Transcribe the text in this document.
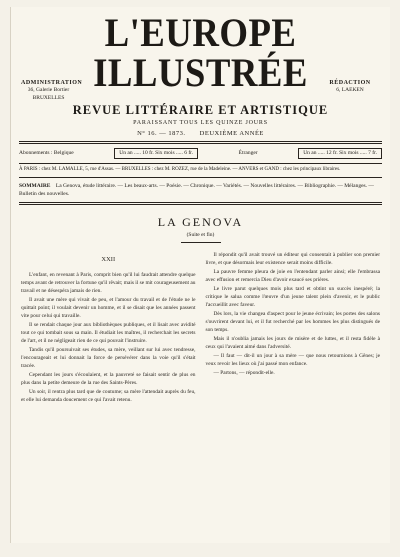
ADMINISTRATION
36, Galerie Bortier
BRUXELLES
RÉDACTION
6, LAEKEN
L'EUROPE ILLUSTRÉE
REVUE LITTÉRAIRE ET ARTISTIQUE
PARAISSANT TOUS LES QUINZE JOURS
N° 16. — 1873. DEUXIÈME ANNÉE
Abonnements : Belgique	Un an ..... 10 fr. Six mois ..... 6 fr.	Étranger	Un an ..... 12 fr. Six mois ..... 7 fr.
À PARIS : chez M. LAMALLE, 5, rue d'Assas. — BRUXELLES : chez M. ROZEZ, rue de la Madeleine. — ANVERS et GAND : chez les principaux libraires.
SOMMAIRE La Genova, étude littéraire. — Les beaux-arts. — Poésie. — Chronique. — Variétés. — Nouvelles littéraires. — Bibliographie. — Mélanges. — Bulletin des nouvelles.
LA GENOVA
(Suite et fin)
XXII

L'enfant, en revenant à Paris, comprit bien qu'il lui faudrait attendre quelque temps avant de retrouver la fortune qu'il rêvait; mais il se mit courageusement au travail et ne désespéra jamais de rien.

Il avait une mère qui vivait de peu, et l'amour du travail et de l'étude ne le quittait point; il voulait devenir un homme, et il se disait que les années passent vite pour celui qui travaille.

Il se rendait chaque jour aux bibliothèques publiques, et il lisait avec avidité tout ce qui tombait sous sa main. Il étudiait les maîtres, il recherchait les secrets de l'art, et il ne négligeait rien de ce qui pouvait l'instruire.

Tandis qu'il poursuivait ses études, sa mère, veillant sur lui avec tendresse, l'encourageait et lui donnait la force de persévérer dans la voie qu'il s'était tracée.

Cependant les jours s'écoulaient, et la pauvreté se faisait sentir de plus en plus dans la petite demeure de la rue des Saints-Pères.

Un soir, il rentra plus tard que de coutume; sa mère l'attendait auprès du feu, et elle lui demanda doucement ce qui l'avait retenu.

Il répondit qu'il avait trouvé un éditeur qui consentait à publier son premier livre, et que désormais leur existence serait moins difficile.

La pauvre femme pleura de joie en l'entendant parler ainsi; elle l'embrassa avec effusion et remercia Dieu d'avoir exaucé ses prières.

Le livre parut quelques mois plus tard et obtint un succès inespéré; la critique le salua comme l'œuvre d'un jeune talent plein d'avenir, et le public l'accueillit avec faveur.

Dès lors, la vie changea d'aspect pour le jeune écrivain; les portes des salons s'ouvrirent devant lui, et il fut recherché par les hommes les plus distingués de son temps.

Mais il n'oublia jamais les jours de misère et de luttes, et il resta fidèle à ceux qui l'avaient aimé dans l'adversité.

— Il faut — dit-il un jour à sa mère — que nous retournions à Gênes; je veux revoir les lieux où j'ai passé mon enfance.

— Partons, — répondit-elle.
